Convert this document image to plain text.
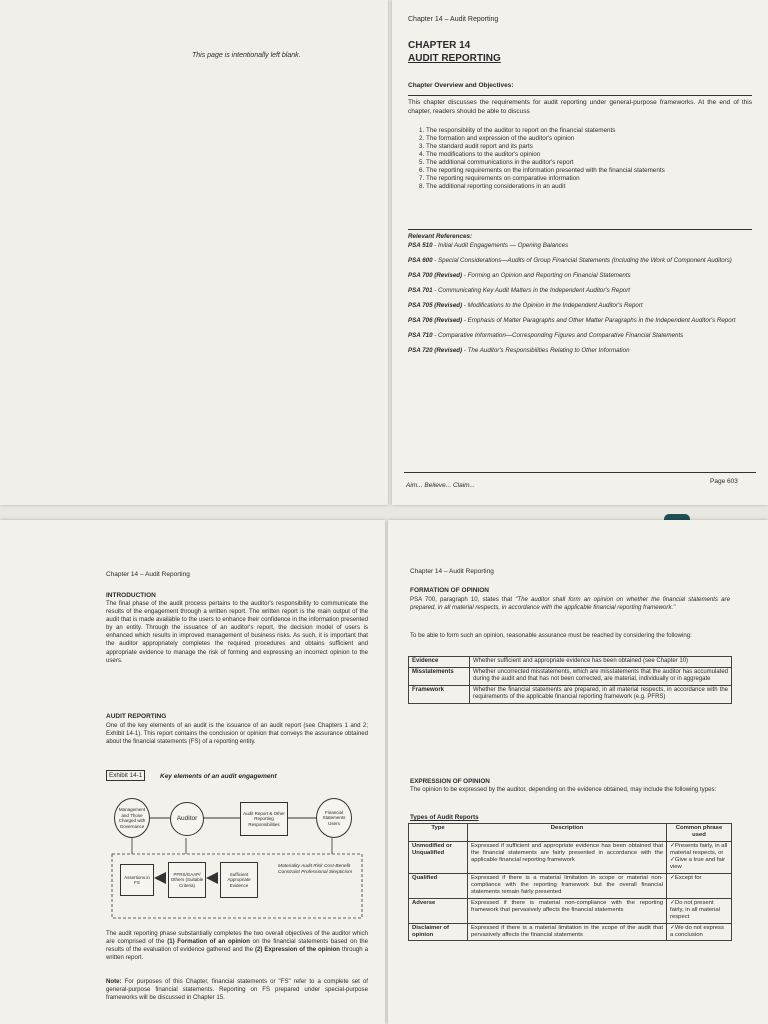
This page is intentionally left blank.
Chapter 14 – Audit Reporting
CHAPTER 14
AUDIT REPORTING
Chapter Overview and Objectives:
This chapter discusses the requirements for audit reporting under general-purpose frameworks. At the end of this chapter, readers should be able to discuss
1. The responsibility of the auditor to report on the financial statements
2. The formation and expression of the auditor's opinion
3. The standard audit report and its parts
4. The modifications to the auditor's opinion
5. The additional communications in the auditor's report
6. The reporting requirements on the information presented with the financial statements
7. The reporting requirements on comparative information
8. The additional reporting considerations in an audit
Relevant References:

PSA 510 - Initial Audit Engagements — Opening Balances

PSA 600 - Special Considerations—Audits of Group Financial Statements (Including the Work of Component Auditors)

PSA 700 (Revised) - Forming an Opinion and Reporting on Financial Statements

PSA 701 - Communicating Key Audit Matters in the Independent Auditor's Report

PSA 705 (Revised) - Modifications to the Opinion in the Independent Auditor's Report

PSA 706 (Revised) - Emphasis of Matter Paragraphs and Other Matter Paragraphs in the Independent Auditor's Report

PSA 710 - Comparative Information—Corresponding Figures and Comparative Financial Statements

PSA 720 (Revised) - The Auditor's Responsibilities Relating to Other Information

Aim... Believe... Claim...
Page 603
Chapter 14 – Audit Reporting
INTRODUCTION
The final phase of the audit process pertains to the auditor's responsibility to communicate the results of the engagement through a written report. The written report is the main output of the audit that is made available to the users to enhance their confidence in the information presented by an entity. Through the issuance of an auditor's report, the decision model of users is enhanced which results in improved management of business risks. As such, it is important that the auditor appropriately completes the required procedures and obtains sufficient and appropriate evidence to manage the risk of forming and expressing an incorrect opinion to the users.
AUDIT REPORTING
One of the key elements of an audit is the issuance of an audit report (see Chapters 1 and 2; Exhibit 14-1). This report contains the conclusion or opinion that conveys the assurance obtained about the financial statements (FS) of a reporting entity.
Exhibit 14-1	Key elements of an audit engagement
Management and Those Charged with Governance
Auditor
Audit Report & Other Reporting Responsibilities
Financial Statements Users
Assertions in FS
PFRS/GAAP/ Others (Suitable Criteria)
Sufficient Appropriate Evidence
Materiality Audit Risk Cost-Benefit Constraint Professional Skepticism
The audit reporting phase substantially completes the two overall objectives of the auditor which are comprised of the (1) Formation of an opinion on the financial statements based on the results of the evaluation of evidence gathered and the (2) Expression of the opinion through a written report.
Note: For purposes of this Chapter, financial statements or "FS" refer to a complete set of general-purpose financial statements. Reporting on FS prepared under special-purpose frameworks will be discussed in Chapter 15.
Chapter 14 – Audit Reporting
FORMATION OF OPINION
PSA 700, paragraph 10, states that "The auditor shall form an opinion on whether the financial statements are prepared, in all material respects, in accordance with the applicable financial reporting framework."
To be able to form such an opinion, reasonable assurance must be reached by considering the following:
Evidence	Whether sufficient and appropriate evidence has been obtained (see Chapter 10)
Misstatements	Whether uncorrected misstatements, which are misstatements that the auditor has accumulated during the audit and that has not been corrected, are material, individually or in aggregate
Framework	Whether the financial statements are prepared, in all material respects, in accordance with the requirements of the applicable financial reporting framework (e.g. PFRS)
EXPRESSION OF OPINION
The opinion to be expressed by the auditor, depending on the evidence obtained, may include the following types:
Types of Audit Reports
Type	Description	Common phrase used
Unmodified or Unqualified	Expressed if sufficient and appropriate evidence has been obtained that the financial statements are fairly presented in accordance with the applicable financial reporting framework	✓Presents fairly, in all material respects, or ✓Give a true and fair view
Qualified	Expressed if there is a material limitation in scope or material non-compliance with the reporting framework but the overall financial statements remain fairly presented	✓Except for
Adverse	Expressed if there is material non-compliance with the reporting framework that pervasively affects the financial statements	✓Do not present fairly, in all material respect
Disclaimer of opinion	Expressed if there is a material limitation in the scope of the audit that pervasively affects the financial statements	✓We do not express a conclusion
